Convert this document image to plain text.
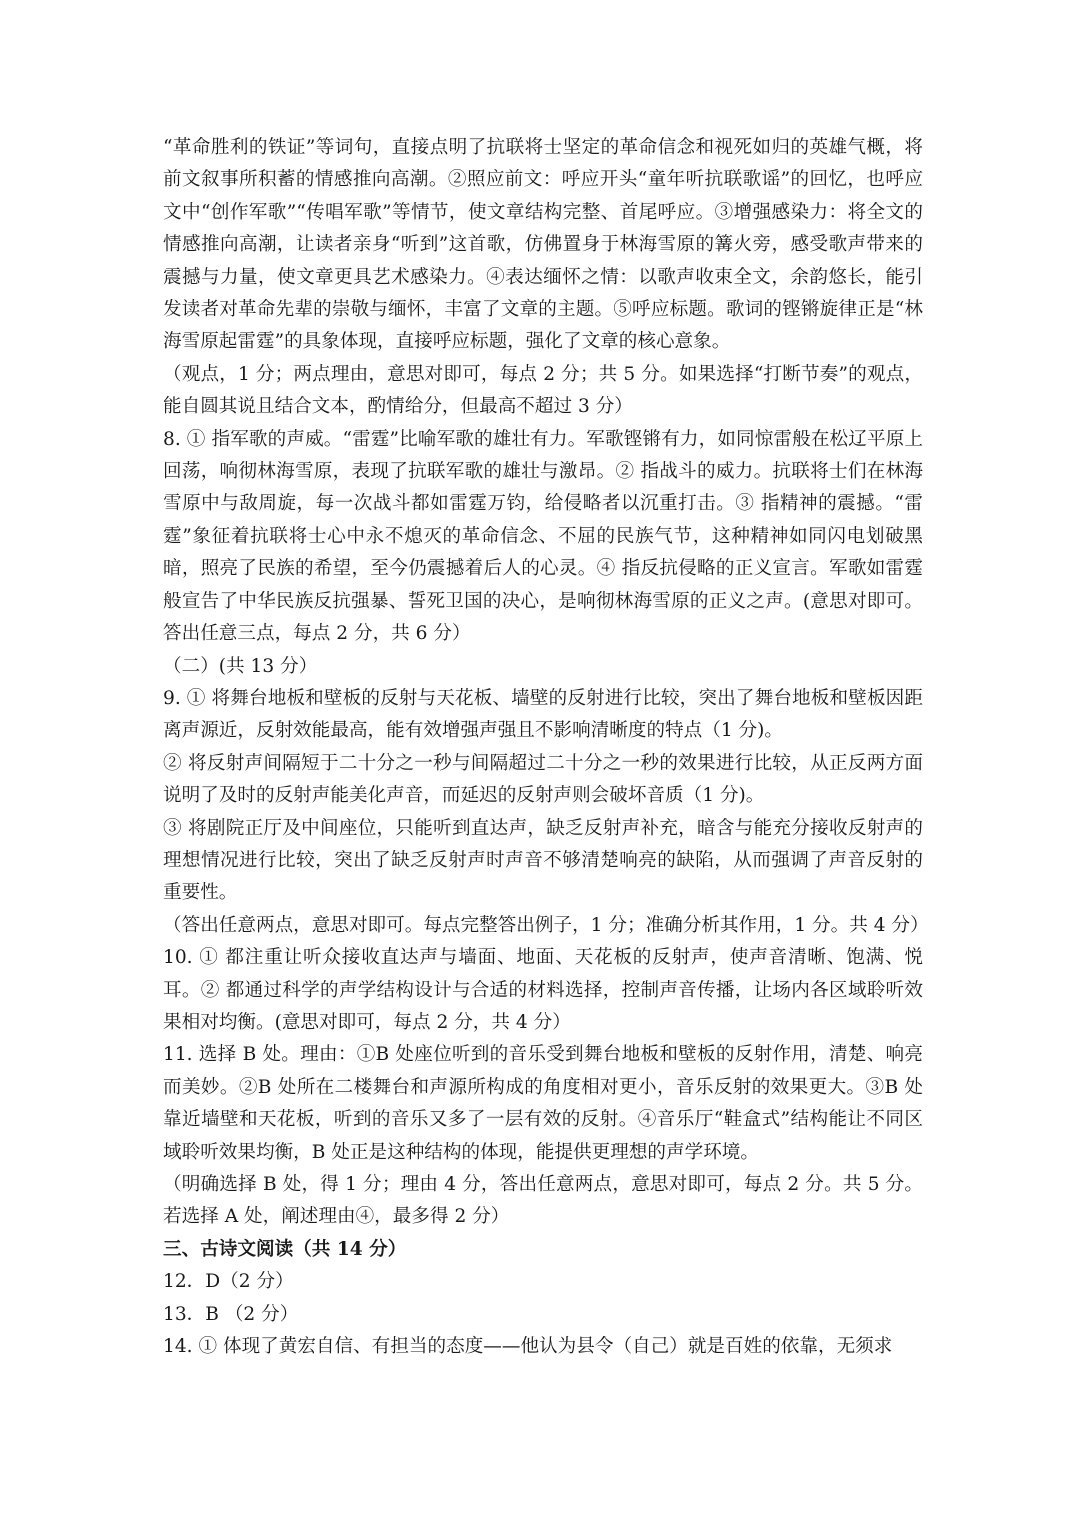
“革命胜利的铁证”等词句，直接点明了抗联将士坚定的革命信念和视死如归的英雄气概，将前文叙事所积蓄的情感推向高潮。②照应前文：呼应开头“童年听抗联歌谣”的回忆，也呼应文中“创作军歌”“传唱军歌”等情节，使文章结构完整、首尾呼应。③增强感染力：将全文的情感推向高潮，让读者亲身“听到”这首歌，仿佛置身于林海雪原的篝火旁，感受歌声带来的震撼与力量，使文章更具艺术感染力。④表达缅怀之情：以歌声收束全文，余韵悠长，能引发读者对革命先辈的崇敬与缅怀，丰富了文章的主题。⑤呼应标题。歌词的铿锵旋律正是“林海雪原起雷霆”的具象体现，直接呼应标题，强化了文章的核心意象。

（观点，1 分；两点理由，意思对即可，每点 2 分；共 5 分。如果选择“打断节奏”的观点，能自圆其说且结合文本，酌情给分，但最高不超过 3 分）

8. ① 指军歌的声威。“雷霆”比喻军歌的雄壮有力。军歌铿锵有力，如同惊雷般在松辽平原上回荡，响彻林海雪原，表现了抗联军歌的雄壮与激昂。② 指战斗的威力。抗联将士们在林海雪原中与敌周旋，每一次战斗都如雷霆万钧，给侵略者以沉重打击。③ 指精神的震撼。“雷霆”象征着抗联将士心中永不熄灭的革命信念、不屈的民族气节，这种精神如同闪电划破黑暗，照亮了民族的希望，至今仍震撼着后人的心灵。④ 指反抗侵略的正义宣言。军歌如雷霆般宣告了中华民族反抗强暴、誓死卫国的决心，是响彻林海雪原的正义之声。(意思对即可。答出任意三点，每点 2 分，共 6 分）

（二）(共 13 分）

9. ① 将舞台地板和壁板的反射与天花板、墙壁的反射进行比较，突出了舞台地板和壁板因距离声源近，反射效能最高，能有效增强声强且不影响清晰度的特点（1 分)。

② 将反射声间隔短于二十分之一秒与间隔超过二十分之一秒的效果进行比较，从正反两方面说明了及时的反射声能美化声音，而延迟的反射声则会破坏音质（1 分)。

③ 将剧院正厅及中间座位，只能听到直达声，缺乏反射声补充，暗含与能充分接收反射声的理想情况进行比较，突出了缺乏反射声时声音不够清楚响亮的缺陷，从而强调了声音反射的重要性。

（答出任意两点，意思对即可。每点完整答出例子，1 分；准确分析其作用，1 分。共 4 分）

10. ① 都注重让听众接收直达声与墙面、地面、天花板的反射声，使声音清晰、饱满、悦耳。② 都通过科学的声学结构设计与合适的材料选择，控制声音传播，让场内各区域聆听效果相对均衡。(意思对即可，每点 2 分，共 4 分）

11. 选择 B 处。理由：①B 处座位听到的音乐受到舞台地板和壁板的反射作用，清楚、响亮而美妙。②B 处所在二楼舞台和声源所构成的角度相对更小，音乐反射的效果更大。③B 处靠近墙壁和天花板，听到的音乐又多了一层有效的反射。④音乐厅“鞋盒式”结构能让不同区域聆听效果均衡，B 处正是这种结构的体现，能提供更理想的声学环境。

（明确选择 B 处，得 1 分；理由 4 分，答出任意两点，意思对即可，每点 2 分。共 5 分。若选择 A 处，阐述理由④，最多得 2 分）

三、古诗文阅读（共 14 分）

12．D（2 分）

13．B （2 分）

14. ① 体现了黄宏自信、有担当的态度——他认为县令（自己）就是百姓的依靠，无须求
